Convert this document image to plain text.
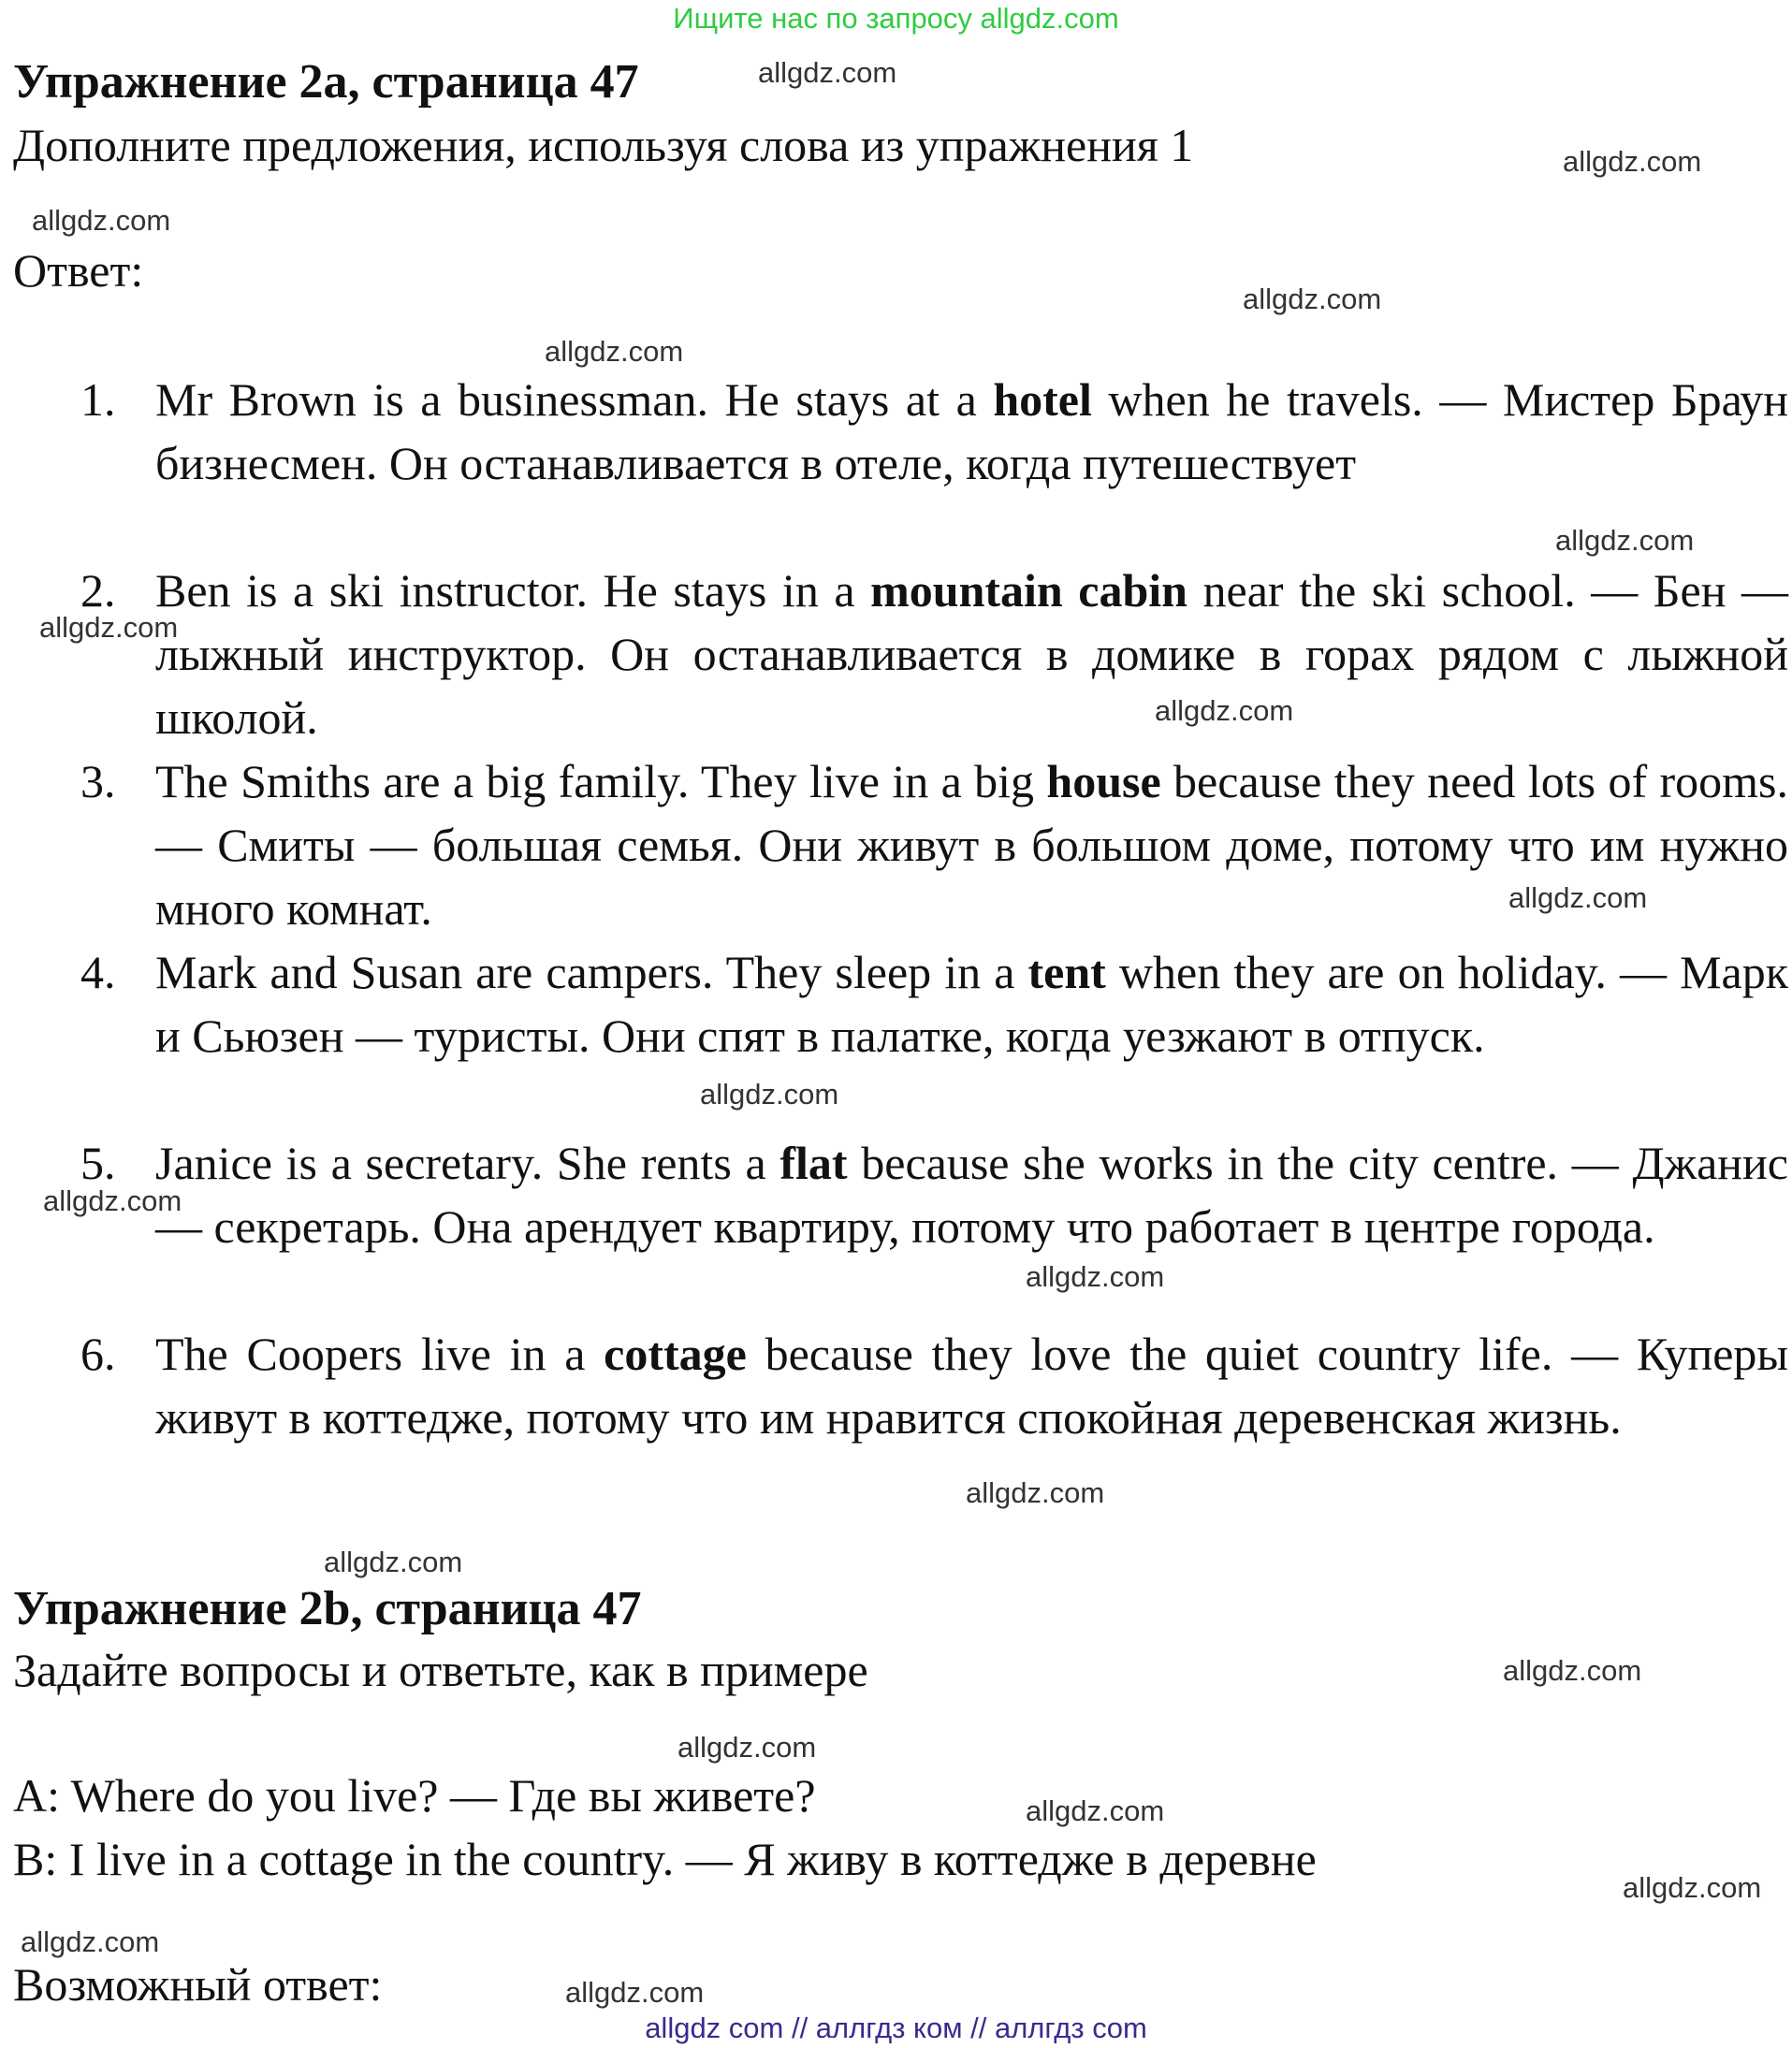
Ищите нас по запросу allgdz.com
Упражнение 2a, страница 47
Дополните предложения, используя слова из упражнения 1
Ответ:
1. Mr Brown is a businessman. He stays at a hotel when he travels. — Мистер Браун бизнесмен. Он останавливается в отеле, когда путешествует
2. Ben is a ski instructor. He stays in a mountain cabin near the ski school. — Бен — лыжный инструктор. Он останавливается в домике в горах рядом с лыжной школой.
3. The Smiths are a big family. They live in a big house because they need lots of rooms. — Смиты — большая семья. Они живут в большом доме, потому что им нужно много комнат.
4. Mark and Susan are campers. They sleep in a tent when they are on holiday. — Марк и Сьюзен — туристы. Они спят в палатке, когда уезжают в отпуск.
5. Janice is a secretary. She rents a flat because she works in the city centre. — Джанис — секретарь. Она арендует квартиру, потому что работает в центре города.
6. The Coopers live in a cottage because they love the quiet country life. — Куперы живут в коттедже, потому что им нравится спокойная деревенская жизнь.
Упражнение 2b, страница 47
Задайте вопросы и ответьте, как в примере
A: Where do you live? — Где вы живете?
B: I live in a cottage in the country. — Я живу в коттедже в деревне
Возможный ответ:
allgdz.com
allgdz.com
allgdz.com
allgdz.com
allgdz.com
allgdz.com
allgdz.com
allgdz.com
allgdz.com
allgdz.com
allgdz.com
allgdz.com
allgdz.com
allgdz.com
allgdz.com
allgdz.com
allgdz.com
allgdz.com
allgdz.com
allgdz.com
allgdz com // аллгдз ком // аллгдз com
